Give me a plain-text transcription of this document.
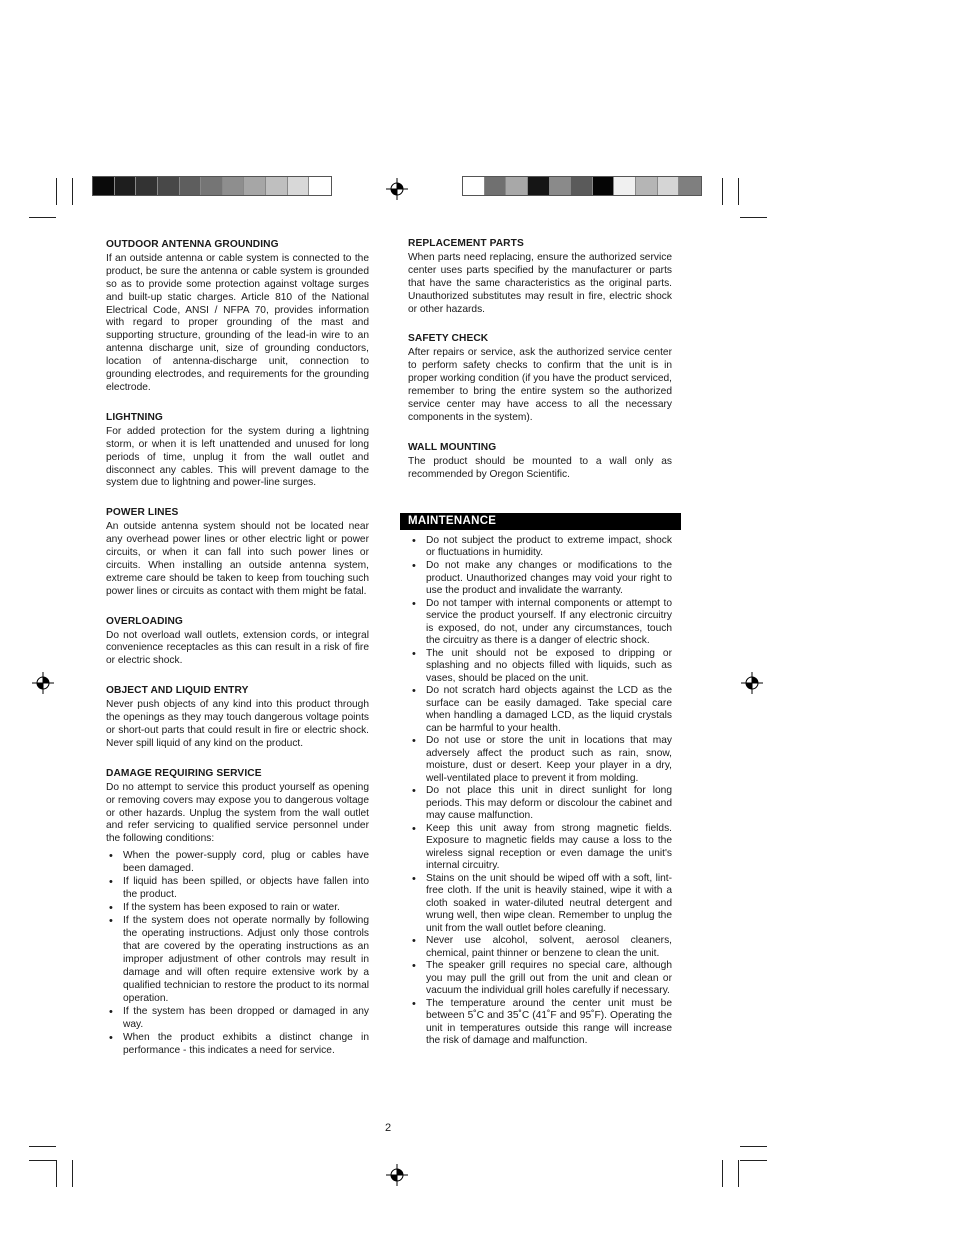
OUTDOOR ANTENNA GROUNDING

If an outside antenna or cable system is connected to the product, be sure the antenna or cable system is grounded so as to provide some protection against voltage surges and built-up static charges. Article 810 of the National Electrical Code, ANSI / NFPA 70, provides information with regard to proper grounding of the mast and supporting structure, grounding of the lead-in wire to an antenna discharge unit, size of grounding conductors, location of antenna-discharge unit, connection to grounding electrodes, and requirements for the grounding electrode.

LIGHTNING

For added protection for the system during a lightning storm, or when it is left unattended and unused for long periods of time, unplug it from the wall outlet and disconnect any cables. This will prevent damage to the system due to lightning and power-line surges.

POWER LINES

An outside antenna system should not be located near any overhead power lines or other electric light or power circuits, or when it can fall into such power lines or circuits. When installing an outside antenna system, extreme care should be taken to keep from touching such power lines or circuits as contact with them might be fatal.

OVERLOADING

Do not overload wall outlets, extension cords, or integral convenience receptacles as this can result in a risk of fire or electric shock.

OBJECT AND LIQUID ENTRY

Never push objects of any kind into this product through the openings as they may touch dangerous voltage points or short-out parts that could result in fire or electric shock. Never spill liquid of any kind on the product.

DAMAGE REQUIRING SERVICE

Do no attempt to service this product yourself as opening or removing covers may expose you to dangerous voltage or other hazards. Unplug the system from the wall outlet and refer servicing to qualified service personnel under the following conditions:

• When the power-supply cord, plug or cables have been damaged.
• If liquid has been spilled, or objects have fallen into the product.
• If the system has been exposed to rain or water.
• If the system does not operate normally by following the operating instructions. Adjust only those controls that are covered by the operating instructions as an improper adjustment of other controls may result in damage and will often require extensive work by a qualified technician to restore the product to its normal operation.
• If the system has been dropped or damaged in any way.
• When the product exhibits a distinct change in performance - this indicates a need for service.
REPLACEMENT PARTS

When parts need replacing, ensure the authorized service center uses parts specified by the manufacturer or parts that have the same characteristics as the original parts. Unauthorized substitutes may result in fire, electric shock or other hazards.

SAFETY CHECK

After repairs or service, ask the authorized service center to perform safety checks to confirm that the unit is in proper working condition (if you have the product serviced, remember to bring the entire system so the authorized service center may have access to all the necessary components in the system).

WALL MOUNTING

The product should be mounted to a wall only as recommended by Oregon Scientific.

MAINTENANCE
• Do not subject the product to extreme impact, shock or fluctuations in humidity.
• Do not make any changes or modifications to the product. Unauthorized changes may void your right to use the product and invalidate the warranty.
• Do not tamper with internal components or attempt to service the product yourself. If any electronic circuitry is exposed, do not, under any circumstances, touch the circuitry as there is a danger of electric shock.
• The unit should not be exposed to dripping or splashing and no objects filled with liquids, such as vases, should be placed on the unit.
• Do not scratch hard objects against the LCD as the surface can be easily damaged. Take special care when handling a damaged LCD, as the liquid crystals can be harmful to your health.
• Do not use or store the unit in locations that may adversely affect the product such as rain, snow, moisture, dust or desert. Keep your player in a dry, well-ventilated place to prevent it from molding.
• Do not place this unit in direct sunlight for long periods. This may deform or discolour the cabinet and may cause malfunction.
• Keep this unit away from strong magnetic fields. Exposure to magnetic fields may cause a loss to the wireless signal reception or even damage the unit's internal circuitry.
• Stains on the unit should be wiped off with a soft, lint-free cloth. If the unit is heavily stained, wipe it with a cloth soaked in water-diluted neutral detergent and wrung well, then wipe clean. Remember to unplug the unit from the wall outlet before cleaning.
• Never use alcohol, solvent, aerosol cleaners, chemical, paint thinner or benzene to clean the unit.
• The speaker grill requires no special care, although you may pull the grill out from the unit and clean or vacuum the individual grill holes carefully if necessary.
• The temperature around the center unit must be between 5˚C and 35˚C (41˚F and 95˚F). Operating the unit in temperatures outside this range will increase the risk of damage and malfunction.
2
